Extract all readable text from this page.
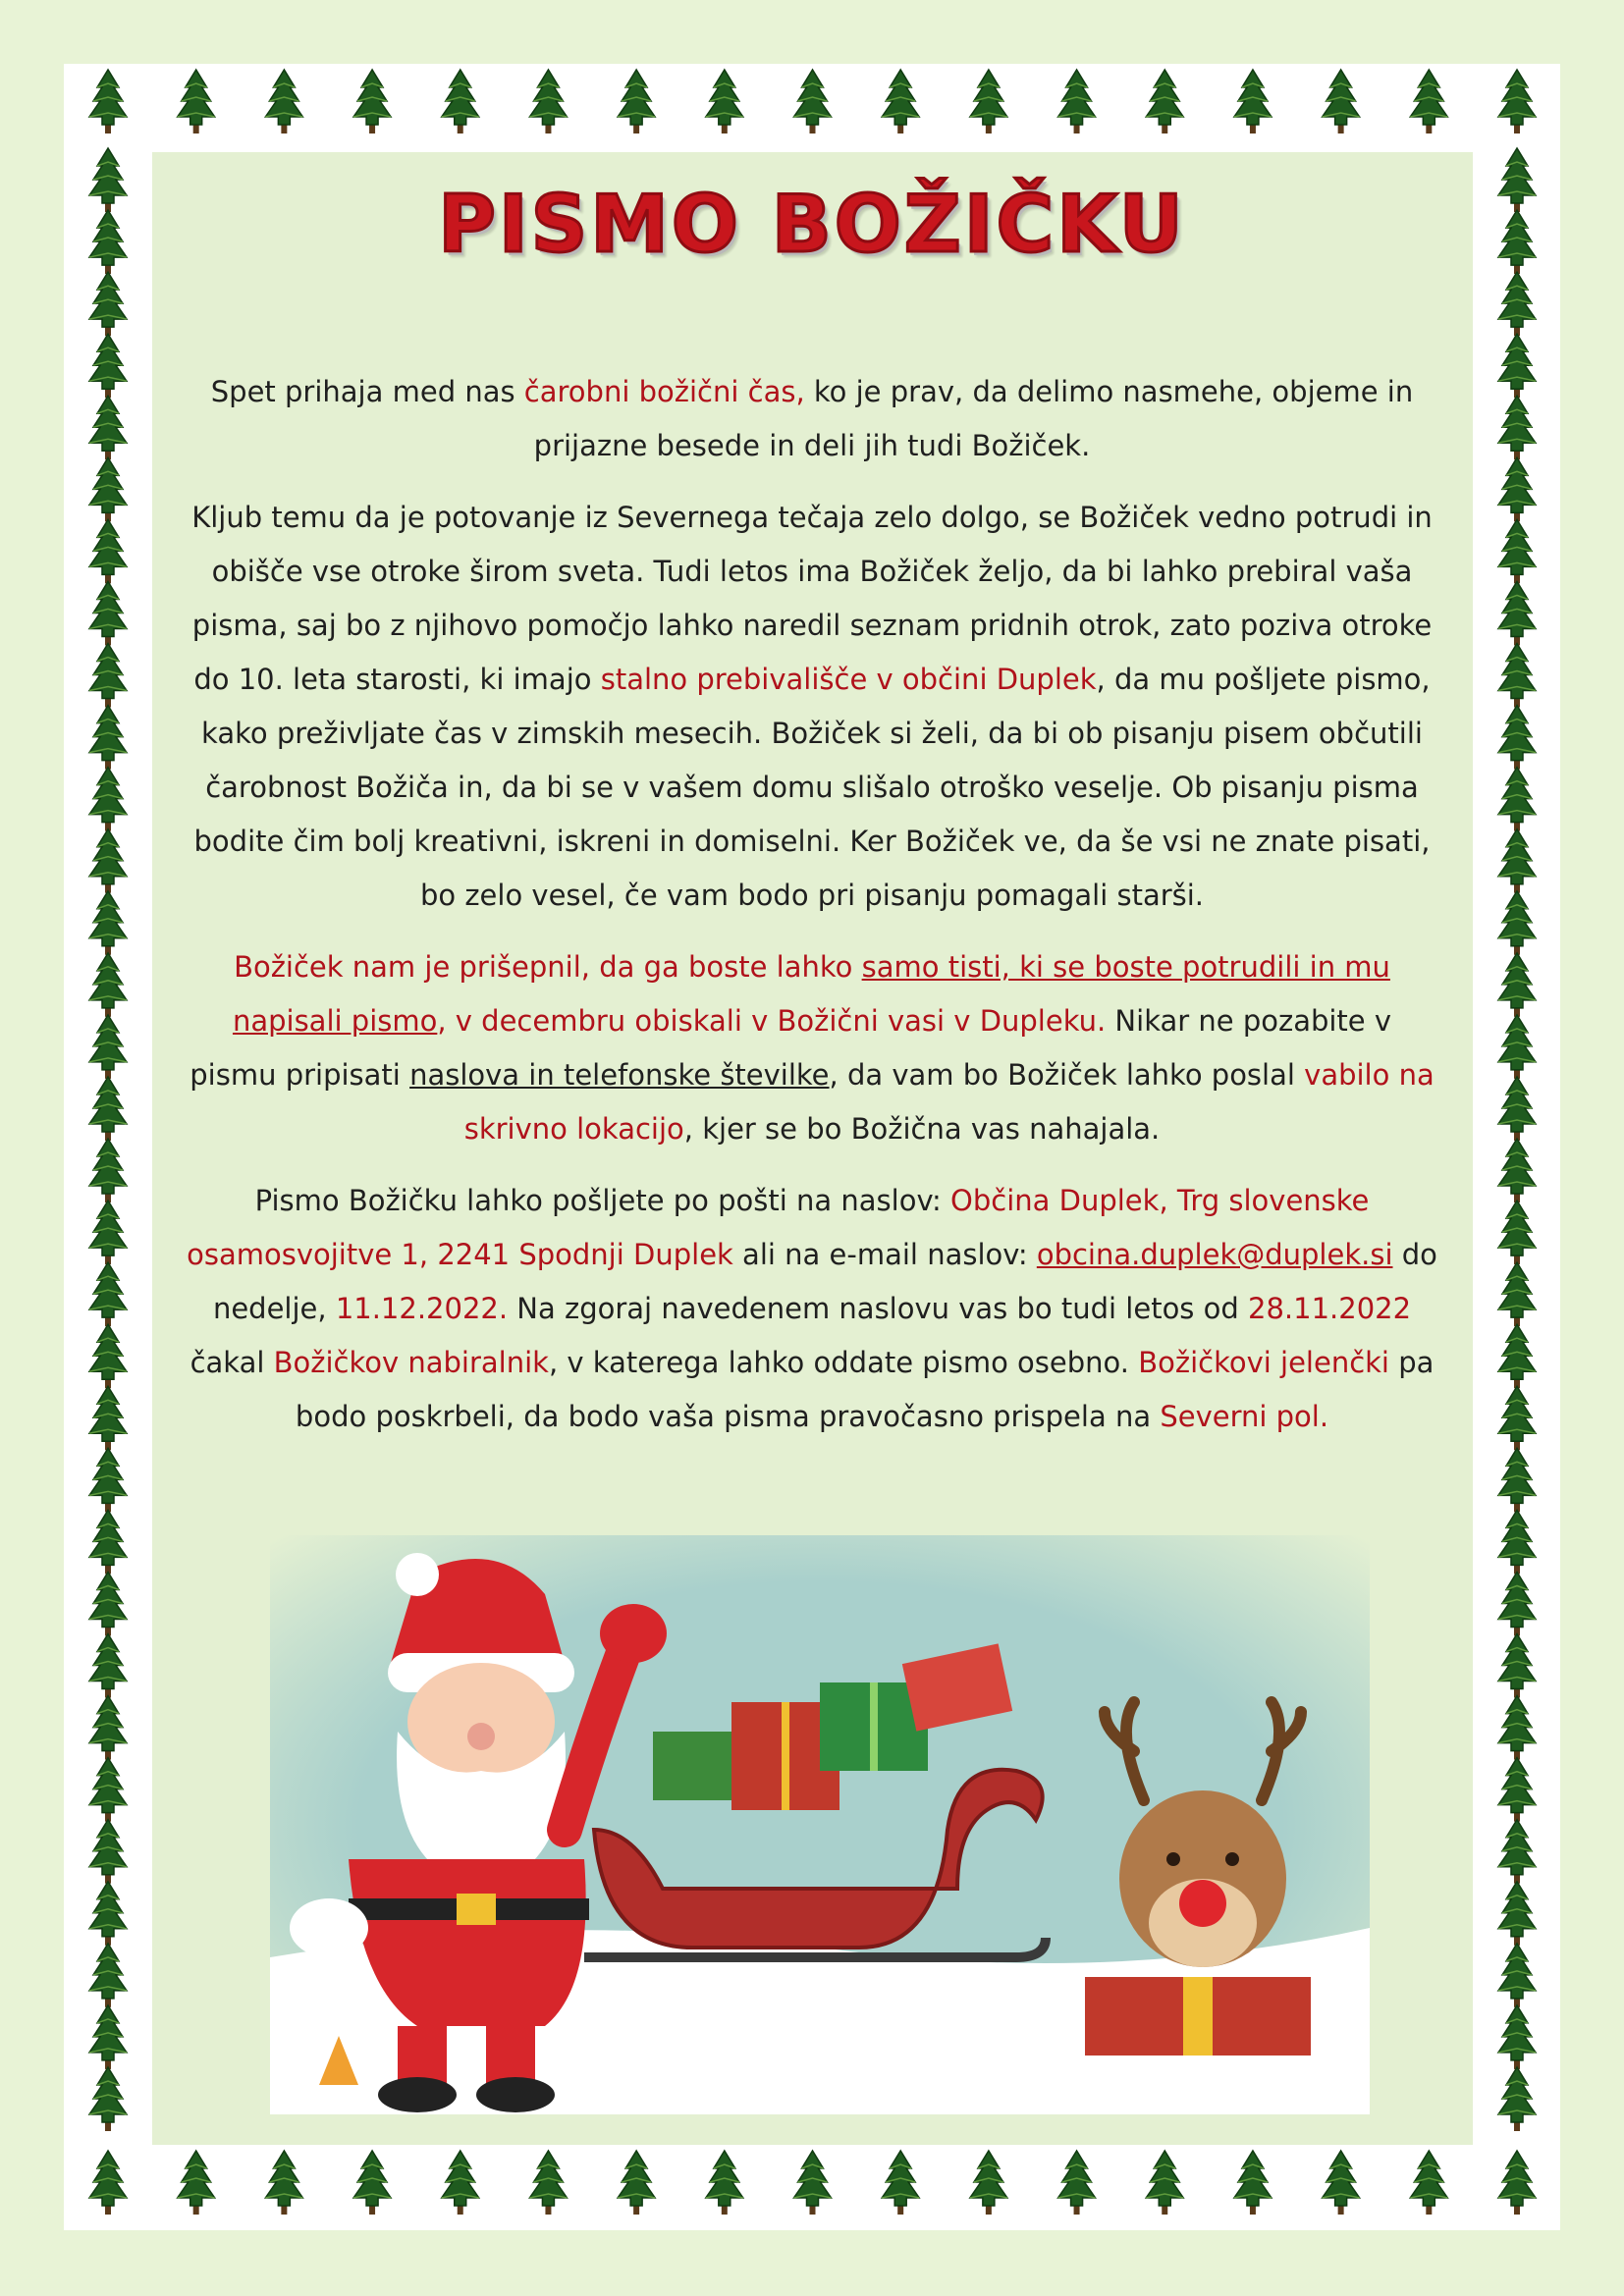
PISMO BOŽIČKU

Spet prihaja med nas čarobni božični čas, ko je prav, da delimo nasmehe, objeme in prijazne besede in deli jih tudi Božiček.

Kljub temu da je potovanje iz Severnega tečaja zelo dolgo, se Božiček vedno potrudi in obišče vse otroke širom sveta. Tudi letos ima Božiček željo, da bi lahko prebiral vaša pisma, saj bo z njihovo pomočjo lahko naredil seznam pridnih otrok, zato poziva otroke do 10. leta starosti, ki imajo stalno prebivališče v občini Duplek, da mu pošljete pismo, kako preživljate čas v zimskih mesecih. Božiček si želi, da bi ob pisanju pisem občutili čarobnost Božiča in, da bi se v vašem domu slišalo otroško veselje. Ob pisanju pisma bodite čim bolj kreativni, iskreni in domiselni. Ker Božiček ve, da še vsi ne znate pisati, bo zelo vesel, če vam bodo pri pisanju pomagali starši.

Božiček nam je prišepnil, da ga boste lahko samo tisti, ki se boste potrudili in mu napisali pismo, v decembru obiskali v Božični vasi v Dupleku. Nikar ne pozabite v pismu pripisati naslova in telefonske številke, da vam bo Božiček lahko poslal vabilo na skrivno lokacijo, kjer se bo Božična vas nahajala.

Pismo Božičku lahko pošljete po pošti na naslov: Občina Duplek, Trg slovenske osamosvojitve 1, 2241 Spodnji Duplek ali na e-mail naslov: obcina.duplek@duplek.si do nedelje, 11.12.2022. Na zgoraj navedenem naslovu vas bo tudi letos od 28.11.2022 čakal Božičkov nabiralnik, v katerega lahko oddate pismo osebno. Božičkovi jelenčki pa bodo poskrbeli, da bodo vaša pisma pravočasno prispela na Severni pol.
